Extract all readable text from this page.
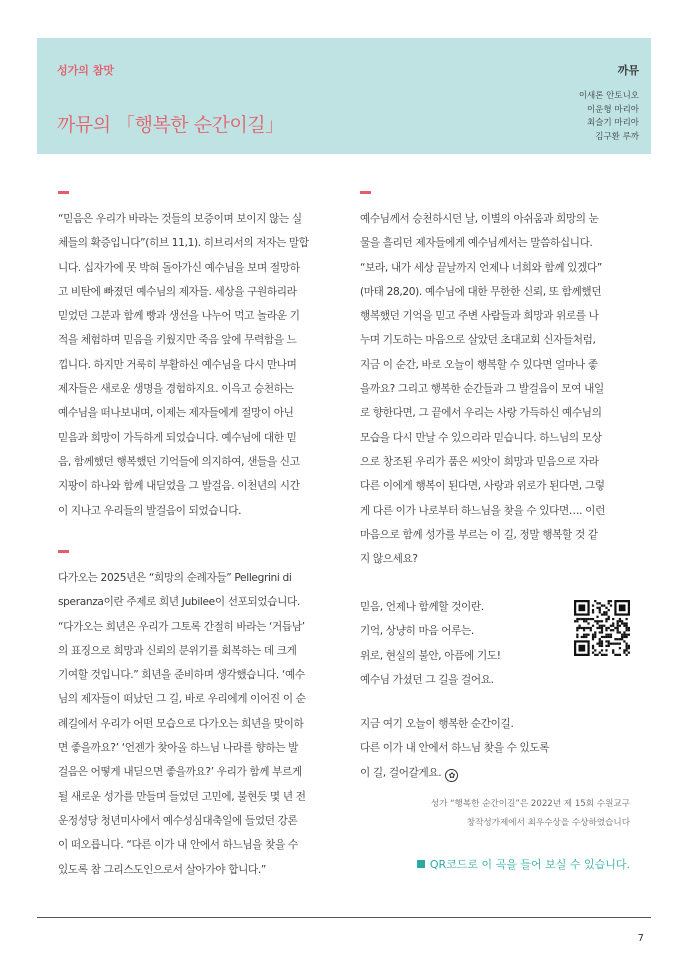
성가의 참맛	까뮤
까뮤의 「행복한 순간이길」
이새론 안토니오
이운형 마리아
최슬기 마리아
김구환 루까
“믿음은 우리가 바라는 것들의 보증이며 보이지 않는 실
체들의 확증입니다”(히브 11,1). 히브리서의 저자는 말합
니다. 십자가에 못 박혀 돌아가신 예수님을 보며 절망하
고 비탄에 빠졌던 예수님의 제자들. 세상을 구원하리라
믿었던 그분과 함께 빵과 생선을 나누어 먹고 놀라운 기
적을 체험하며 믿음을 키웠지만 죽음 앞에 무력함을 느
낍니다. 하지만 거룩히 부활하신 예수님을 다시 만나며
제자들은 새로운 생명을 경험하지요. 이윽고 승천하는
예수님을 떠나보내며, 이제는 제자들에게 절망이 아닌
믿음과 희망이 가득하게 되었습니다. 예수님에 대한 믿
음, 함께했던 행복했던 기억들에 의지하여, 샌들을 신고
지팡이 하나와 함께 내딛었을 그 발걸음. 이천년의 시간
이 지나고 우리들의 발걸음이 되었습니다.
다가오는 2025년은 “희망의 순례자들” Pellegrini di
speranza이란 주제로 희년 Jubilee이 선포되었습니다.
“다가오는 희년은 우리가 그토록 간절히 바라는 ‘거듭남’
의 표징으로 희망과 신뢰의 분위기를 회복하는 데 크게
기여할 것입니다.” 희년을 준비하며 생각했습니다. ‘예수
님의 제자들이 떠났던 그 길, 바로 우리에게 이어진 이 순
례길에서 우리가 어떤 모습으로 다가오는 희년을 맞이하
면 좋을까요?’ ‘언젠가 찾아올 하느님 나라를 향하는 발
걸음은 어떻게 내딛으면 좋을까요?’ 우리가 함께 부르게
될 새로운 성가를 만들며 들었던 고민에, 불현듯 몇 년 전
운정성당 청년미사에서 예수성심대축일에 들었던 강론
이 떠오릅니다. “다른 이가 내 안에서 하느님을 찾을 수
있도록 참 그리스도인으로서 살아가야 합니다.”
예수님께서 승천하시던 날, 이별의 아쉬움과 희망의 눈
물을 흘리던 제자들에게 예수님께서는 말씀하십니다.
“보라, 내가 세상 끝날까지 언제나 너희와 함께 있겠다”
(마태 28,20). 예수님에 대한 무한한 신뢰, 또 함께했던
행복했던 기억을 믿고 주변 사람들과 희망과 위로를 나
누며 기도하는 마음으로 살았던 초대교회 신자들처럼,
지금 이 순간, 바로 오늘이 행복할 수 있다면 얼마나 좋
을까요? 그리고 행복한 순간들과 그 발걸음이 모여 내일
로 향한다면, 그 끝에서 우리는 사랑 가득하신 예수님의
모습을 다시 만날 수 있으리라 믿습니다. 하느님의 모상
으로 창조된 우리가 품은 씨앗이 희망과 믿음으로 자라
다른 이에게 행복이 된다면, 사랑과 위로가 된다면, 그렇
게 다른 이가 나로부터 하느님을 찾을 수 있다면…. 이런
마음으로 함께 성가를 부르는 이 길, 정말 행복할 것 같
지 않으세요?
믿음, 언제나 함께할 것이란.
기억, 상냥히 마음 어루는.
위로, 현실의 불안, 아픔에 기도!
예수님 가셨던 그 길을 걸어요.
지금 여기 오늘이 행복한 순간이길.
다른 이가 내 안에서 하느님 찾을 수 있도록
이 길, 걸어갈게요. ✿
성가 “행복한 순간이길”은 2022년 제 15회 수원교구
창작성가제에서 최우수상을 수상하였습니다
QR코드로 이 곡을 들어 보실 수 있습니다.
7
